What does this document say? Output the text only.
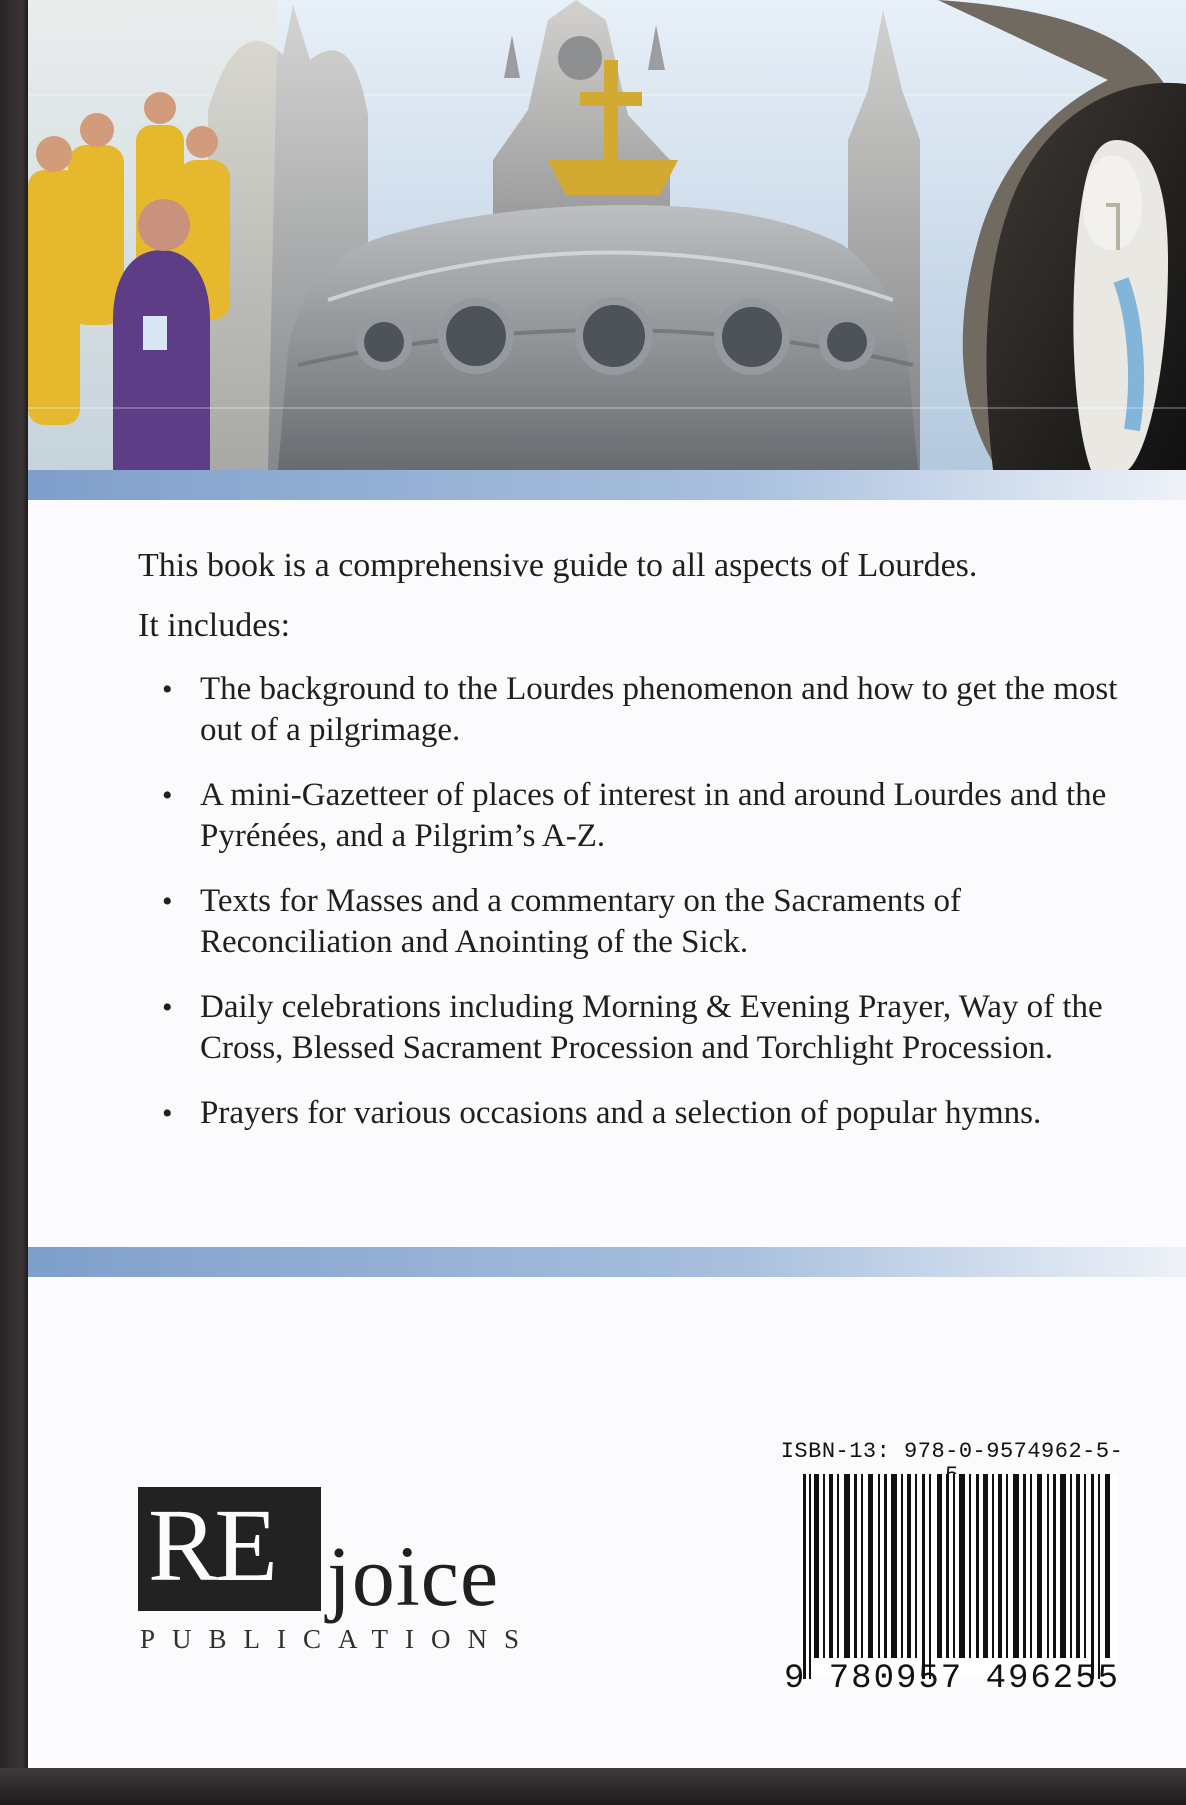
This book is a comprehensive guide to all aspects of Lourdes.

It includes:

• The background to the Lourdes phenomenon and how to get the most out of a pilgrimage.
• A mini-Gazetteer of places of interest in and around Lourdes and the Pyrénées, and a Pilgrim’s A-Z.
• Texts for Masses and a commentary on the Sacraments of Reconciliation and Anointing of the Sick.
• Daily celebrations including Morning & Evening Prayer, Way of the Cross, Blessed Sacrament Procession and Torchlight Procession.
• Prayers for various occasions and a selection of popular hymns.
RE joice
PUBLICATIONS
ISBN-13: 978-0-9574962-5-
9 780957 496255
